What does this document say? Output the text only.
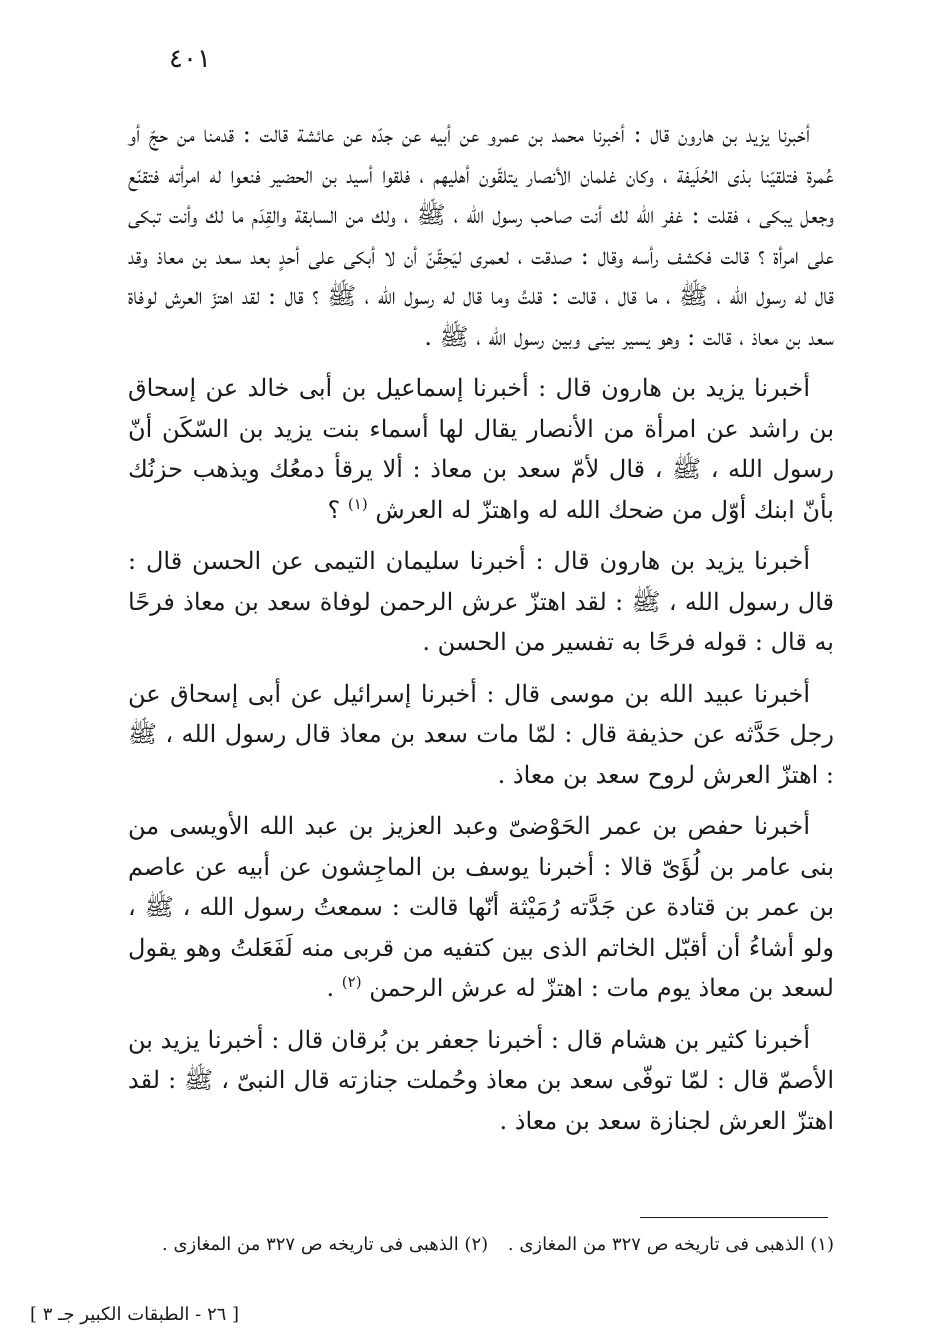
٤٠١

أخبرنا يزيد بن هارون قال : أخبرنا محمد بن عمرو عن أبيه عن جدّه عن عائشة قالت : قدمنا من حجّ أو عُمرة فتلقيّنا بذى الحُلَيفة ، وكان غلمان الأنصار يتلقّون أهليهم ، فلقوا أسيد بن الحضير فنعوا له امرأته فتقنّع وجعل يبكى ، فقلت : غفر الله لك أنت صاحب رسول الله ، ﷺ ، ولك من السابقة والقِدَم ما لك وأنت تبكى على امرأة ؟ قالت فكشف رأسه وقال : صدقت ، لعمرى ليَحِقّنّ أن لا أبكى على أحدٍ بعد سعد بن معاذ وقد قال له رسول الله ، ﷺ ، ما قال ، قالت : قلتُ وما قال له رسول الله ، ﷺ ؟ قال : لقد اهتزّ العرش لوفاة سعد بن معاذ ، قالت : وهو يسير بينى وبين رسول الله ، ﷺ .

أخبرنا يزيد بن هارون قال : أخبرنا إسماعيل بن أبى خالد عن إسحاق بن راشد عن امرأة من الأنصار يقال لها أسماء بنت يزيد بن السّكَن أنّ رسول الله ، ﷺ ، قال لأمّ سعد بن معاذ : ألا يرقأ دمعُك ويذهب حزنُك بأنّ ابنك أوّل من ضحك الله له واهتزّ له العرش $^{(١)}$ ؟

أخبرنا يزيد بن هارون قال : أخبرنا سليمان التيمى عن الحسن قال : قال رسول الله ، ﷺ : لقد اهتزّ عرش الرحمن لوفاة سعد بن معاذ فرحًا به قال : قوله فرحًا به تفسير من الحسن .

أخبرنا عبيد الله بن موسى قال : أخبرنا إسرائيل عن أبى إسحاق عن رجل حَدَّثه عن حذيفة قال : لمّا مات سعد بن معاذ قال رسول الله ، ﷺ : اهتزّ العرش لروح سعد بن معاذ .

أخبرنا حفص بن عمر الحَوْضىّ وعبد العزيز بن عبد الله الأويسى من بنى عامر بن لُؤَىّ قالا : أخبرنا يوسف بن الماجِشون عن أبيه عن عاصم بن عمر بن قتادة عن جَدَّته رُمَيْثة أنّها قالت : سمعتُ رسول الله ، ﷺ ، ولو أشاءُ أن أقبّل الخاتم الذى بين كتفيه من قربى منه لَفَعَلتُ وهو يقول لسعد بن معاذ يوم مات : اهتزّ له عرش الرحمن $^{(٢)}$ .

أخبرنا كثير بن هشام قال : أخبرنا جعفر بن بُرقان قال : أخبرنا يزيد بن الأصمّ قال : لمّا توفّى سعد بن معاذ وحُملت جنازته قال النبىّ ، ﷺ : لقد اهتزّ العرش لجنازة سعد بن معاذ .

(١) الذهبى فى تاريخه ص ٣٢٧ من المغازى . (٢) الذهبى فى تاريخه ص ٣٢٧ من المغازى .
[ ٢٦ - الطبقات الكبير جـ ٣ ]
